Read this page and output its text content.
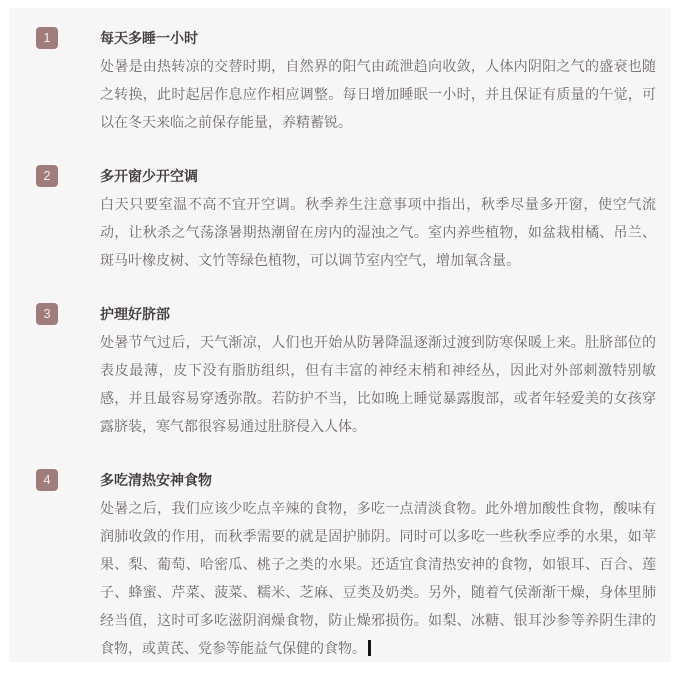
1	每天多睡一小时

处暑是由热转凉的交替时期，自然界的阳气由疏泄趋向收敛，人体内阴阳之气的盛衰也随之转换，此时起居作息应作相应调整。每日增加睡眠一小时，并且保证有质量的午觉，可以在冬天来临之前保存能量，养精蓄锐。

2	多开窗少开空调

白天只要室温不高不宜开空调。秋季养生注意事项中指出，秋季尽量多开窗，使空气流动，让秋杀之气荡涤暑期热潮留在房内的湿浊之气。室内养些植物，如盆栽柑橘、吊兰、斑马叶橡皮树、文竹等绿色植物，可以调节室内空气，增加氧含量。

3	护理好脐部

处暑节气过后，天气渐凉，人们也开始从防暑降温逐渐过渡到防寒保暖上来。肚脐部位的表皮最薄，皮下没有脂肪组织，但有丰富的神经末梢和神经丛，因此对外部刺激特别敏感，并且最容易穿透弥散。若防护不当，比如晚上睡觉暴露腹部，或者年轻爱美的女孩穿露脐装，寒气都很容易通过肚脐侵入人体。

4	多吃清热安神食物

处暑之后，我们应该少吃点辛辣的食物，多吃一点清淡食物。此外增加酸性食物，酸味有润肺收敛的作用，而秋季需要的就是固护肺阴。同时可以多吃一些秋季应季的水果，如苹果、梨、葡萄、哈密瓜、桃子之类的水果。还适宜食清热安神的食物，如银耳、百合、莲子、蜂蜜、芹菜、菠菜、糯米、芝麻、豆类及奶类。另外，随着气侯渐渐干燥，身体里肺经当值，这时可多吃滋阴润燥食物，防止燥邪损伤。如梨、冰糖、银耳沙参等养阴生津的食物，或黄芪、党参等能益气保健的食物。
